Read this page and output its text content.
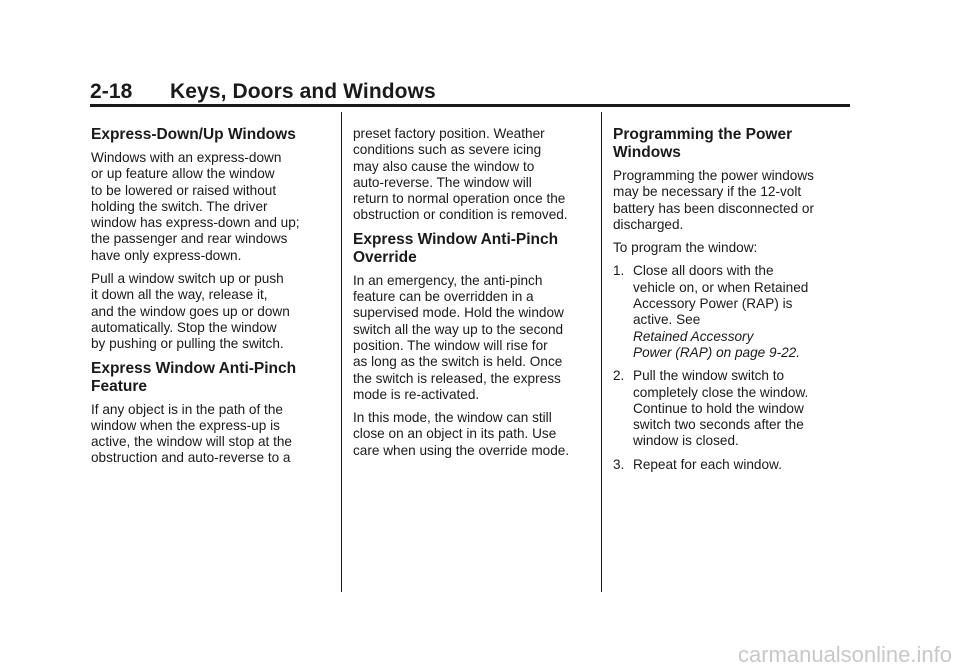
2-18 Keys, Doors and Windows
Express-Down/Up Windows

Windows with an express-down
or up feature allow the window
to be lowered or raised without
holding the switch. The driver
window has express-down and up;
the passenger and rear windows
have only express-down.

Pull a window switch up or push
it down all the way, release it,
and the window goes up or down
automatically. Stop the window
by pushing or pulling the switch.

Express Window Anti-Pinch
Feature

If any object is in the path of the
window when the express-up is
active, the window will stop at the
obstruction and auto-reverse to a

preset factory position. Weather
conditions such as severe icing
may also cause the window to
auto-reverse. The window will
return to normal operation once the
obstruction or condition is removed.

Express Window Anti-Pinch
Override

In an emergency, the anti-pinch
feature can be overridden in a
supervised mode. Hold the window
switch all the way up to the second
position. The window will rise for
as long as the switch is held. Once
the switch is released, the express
mode is re-activated.

In this mode, the window can still
close on an object in its path. Use
care when using the override mode.

Programming the Power
Windows

Programming the power windows
may be necessary if the 12-volt
battery has been disconnected or
discharged.

To program the window:

1. Close all doors with the
vehicle on, or when Retained
Accessory Power (RAP) is
active. See
Retained Accessory
Power (RAP) on page 9-22.
2. Pull the window switch to
completely close the window.
Continue to hold the window
switch two seconds after the
window is closed.
3. Repeat for each window.
carmanualsonline.info
